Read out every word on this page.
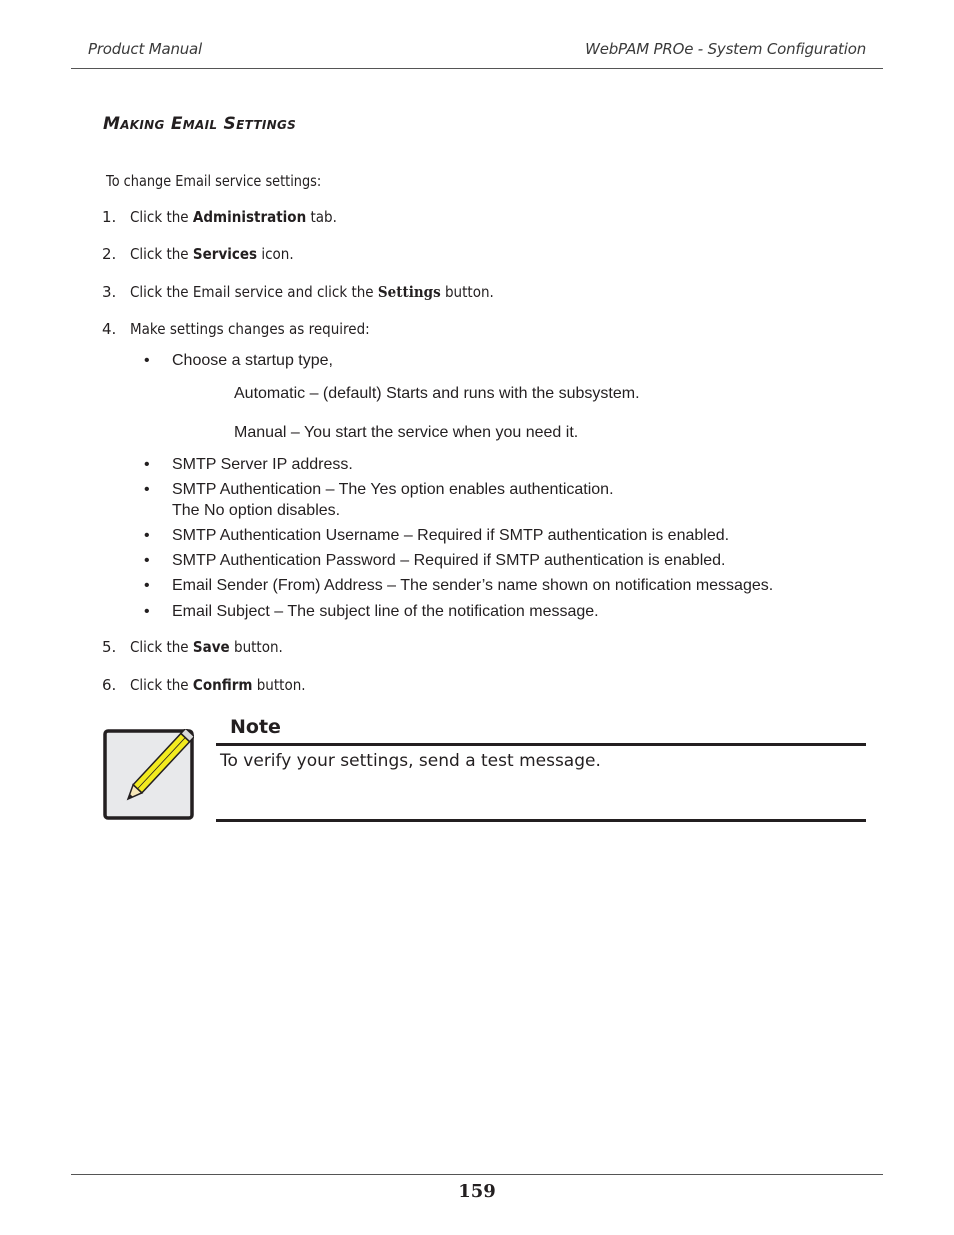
Product Manual	WebPAM PROe - System Configuration
Making Email Settings
To change Email service settings:
1. Click the Administration tab.
2. Click the Services icon.
3. Click the Email service and click the Settings button.
4. Make settings changes as required:
• Choose a startup type,
Automatic – (default) Starts and runs with the subsystem.
Manual – You start the service when you need it.
• SMTP Server IP address.
• SMTP Authentication – The Yes option enables authentication.
The No option disables.
• SMTP Authentication Username – Required if SMTP authentication is enabled.
• SMTP Authentication Password – Required if SMTP authentication is enabled.
• Email Sender (From) Address – The sender’s name shown on notification messages.
• Email Subject – The subject line of the notification message.
5. Click the Save button.
6. Click the Confirm button.
Note
To verify your settings, send a test message.
159
